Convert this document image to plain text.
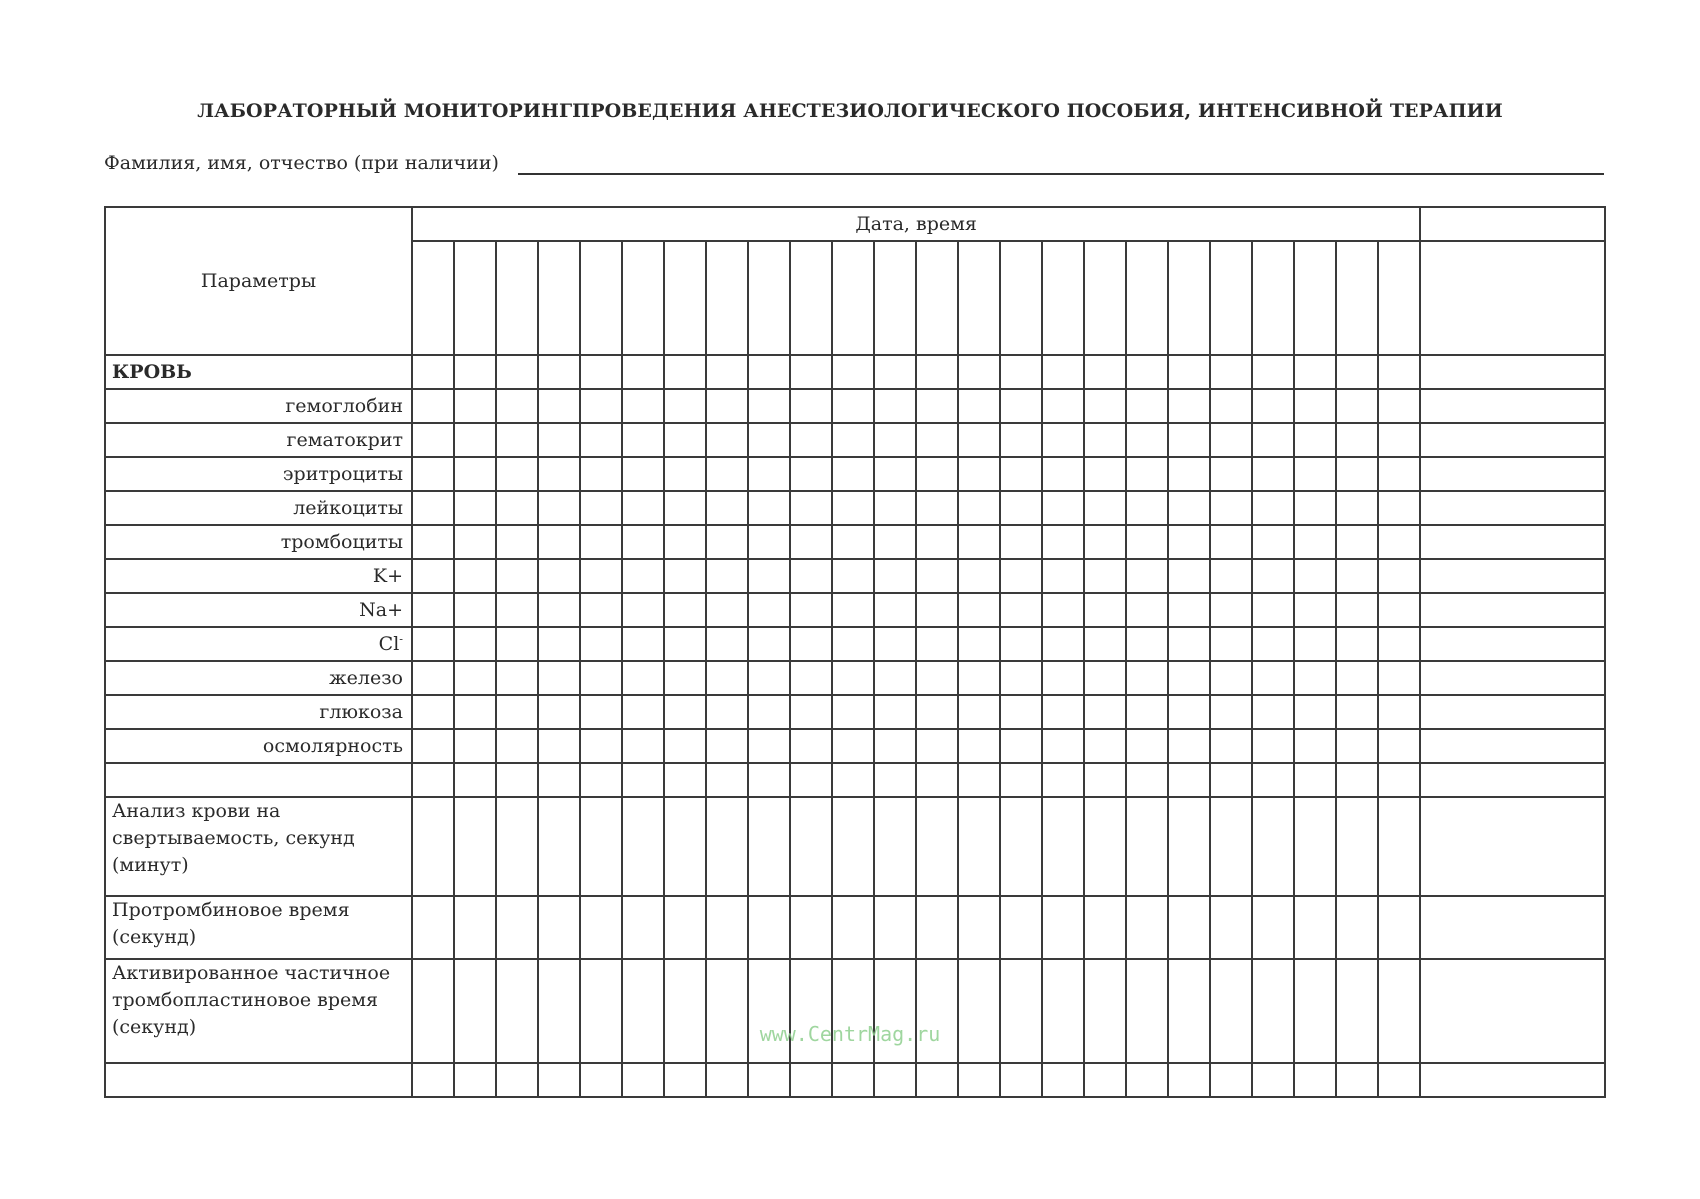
ЛАБОРАТОРНЫЙ МОНИТОРИНГПРОВЕДЕНИЯ АНЕСТЕЗИОЛОГИЧЕСКОГО ПОСОБИЯ, ИНТЕНСИВНОЙ ТЕРАПИИ
Фамилия, имя, отчество (при наличии)
Параметры	Дата, время																								

КРОВЬ																									
гемоглобин																									
гематокрит																									
эритроциты																									
лейкоциты																									
тромбоциты																									
K+																									
Na+																									
Cl-																									
железо																									
глюкоза																									
осмолярность																									

Анализ крови на свертываемость, секунд (минут)																									
Протромбиновое время (секунд)																									
Активированное частичное тромбопластиновое время (секунд)																									
																										www.CentrMag.ru
